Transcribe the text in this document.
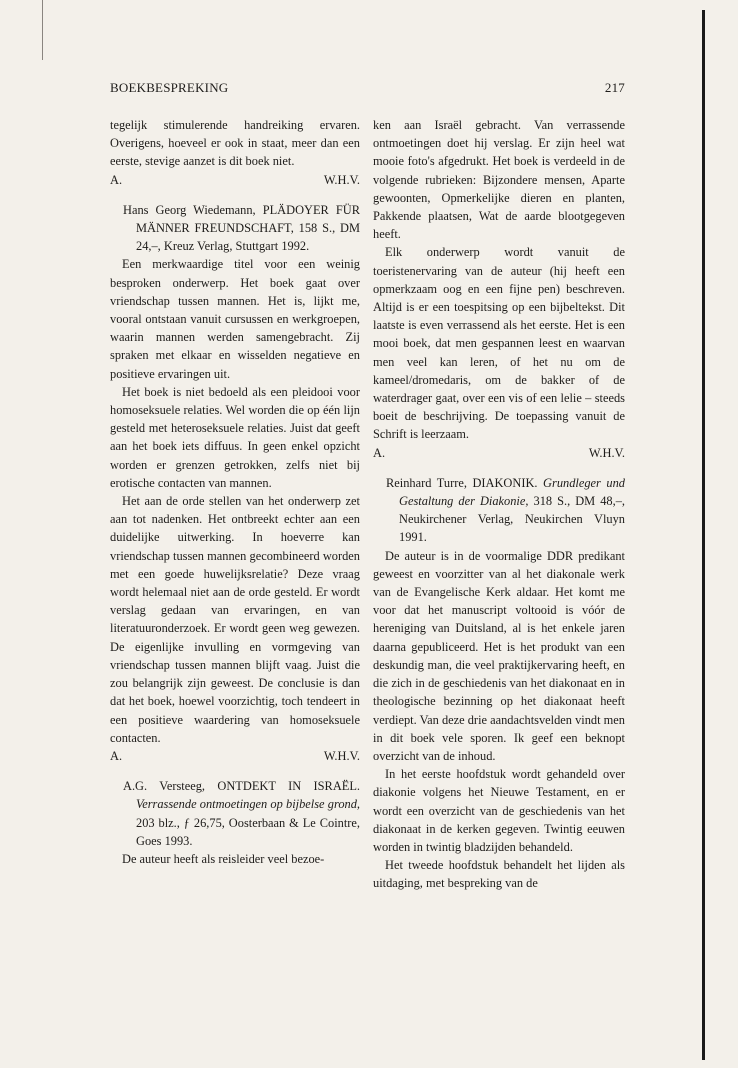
BOEKBESPREKING	217

tegelijk stimulerende handreiking ervaren. Overigens, hoeveel er ook in staat, meer dan een eerste, stevige aanzet is dit boek niet.

A.	W.H.V.

Hans Georg Wiedemann, PLÄDOYER FÜR MÄNNER FREUNDSCHAFT, 158 S., DM 24,–, Kreuz Verlag, Stuttgart 1992.

Een merkwaardige titel voor een weinig besproken onderwerp. Het boek gaat over vriendschap tussen mannen. Het is, lijkt me, vooral ontstaan vanuit cursussen en werkgroepen, waarin mannen werden samengebracht. Zij spraken met elkaar en wisselden negatieve en positieve ervaringen uit.

Het boek is niet bedoeld als een pleidooi voor homoseksuele relaties. Wel worden die op één lijn gesteld met heteroseksuele relaties. Juist dat geeft aan het boek iets diffuus. In geen enkel opzicht worden er grenzen getrokken, zelfs niet bij erotische contacten van mannen.

Het aan de orde stellen van het onderwerp zet aan tot nadenken. Het ontbreekt echter aan een duidelijke uitwerking. In hoeverre kan vriendschap tussen mannen gecombineerd worden met een goede huwelijksrelatie? Deze vraag wordt helemaal niet aan de orde gesteld. Er wordt verslag gedaan van ervaringen, en van literatuuronderzoek. Er wordt geen weg gewezen. De eigenlijke invulling en vormgeving van vriendschap tussen mannen blijft vaag. Juist die zou belangrijk zijn geweest. De conclusie is dan dat het boek, hoewel voorzichtig, toch tendeert in een positieve waardering van homoseksuele contacten.

A.	W.H.V.

A.G. Versteeg, ONTDEKT IN ISRAËL. Verrassende ontmoetingen op bijbelse grond, 203 blz., ƒ 26,75, Oosterbaan & Le Cointre, Goes 1993.

De auteur heeft als reisleider veel bezoe-

ken aan Israël gebracht. Van verrassende ontmoetingen doet hij verslag. Er zijn heel wat mooie foto's afgedrukt. Het boek is verdeeld in de volgende rubrieken: Bijzondere mensen, Aparte gewoonten, Opmerkelijke dieren en planten, Pakkende plaatsen, Wat de aarde blootgegeven heeft.

Elk onderwerp wordt vanuit de toeristenervaring van de auteur (hij heeft een opmerkzaam oog en een fijne pen) beschreven. Altijd is er een toespitsing op een bijbeltekst. Dit laatste is even verrassend als het eerste. Het is een mooi boek, dat men gespannen leest en waarvan men veel kan leren, of het nu om de kameel/dromedaris, om de bakker of de waterdrager gaat, over een vis of een lelie – steeds boeit de beschrijving. De toepassing vanuit de Schrift is leerzaam.

A.	W.H.V.

Reinhard Turre, DIAKONIK. Grundleger und Gestaltung der Diakonie, 318 S., DM 48,–, Neukirchener Verlag, Neukirchen Vluyn 1991.

De auteur is in de voormalige DDR predikant geweest en voorzitter van al het diakonale werk van de Evangelische Kerk aldaar. Het komt me voor dat het manuscript voltooid is vóór de hereniging van Duitsland, al is het enkele jaren daarna gepubliceerd. Het is het produkt van een deskundig man, die veel praktijkervaring heeft, en die zich in de geschiedenis van het diakonaat en in theologische bezinning op het diakonaat heeft verdiept. Van deze drie aandachtsvelden vindt men in dit boek vele sporen. Ik geef een beknopt overzicht van de inhoud.

In het eerste hoofdstuk wordt gehandeld over diakonie volgens het Nieuwe Testament, en er wordt een overzicht van de geschiedenis van het diakonaat in de kerken gegeven. Twintig eeuwen worden in twintig bladzijden behandeld.

Het tweede hoofdstuk behandelt het lijden als uitdaging, met bespreking van de
